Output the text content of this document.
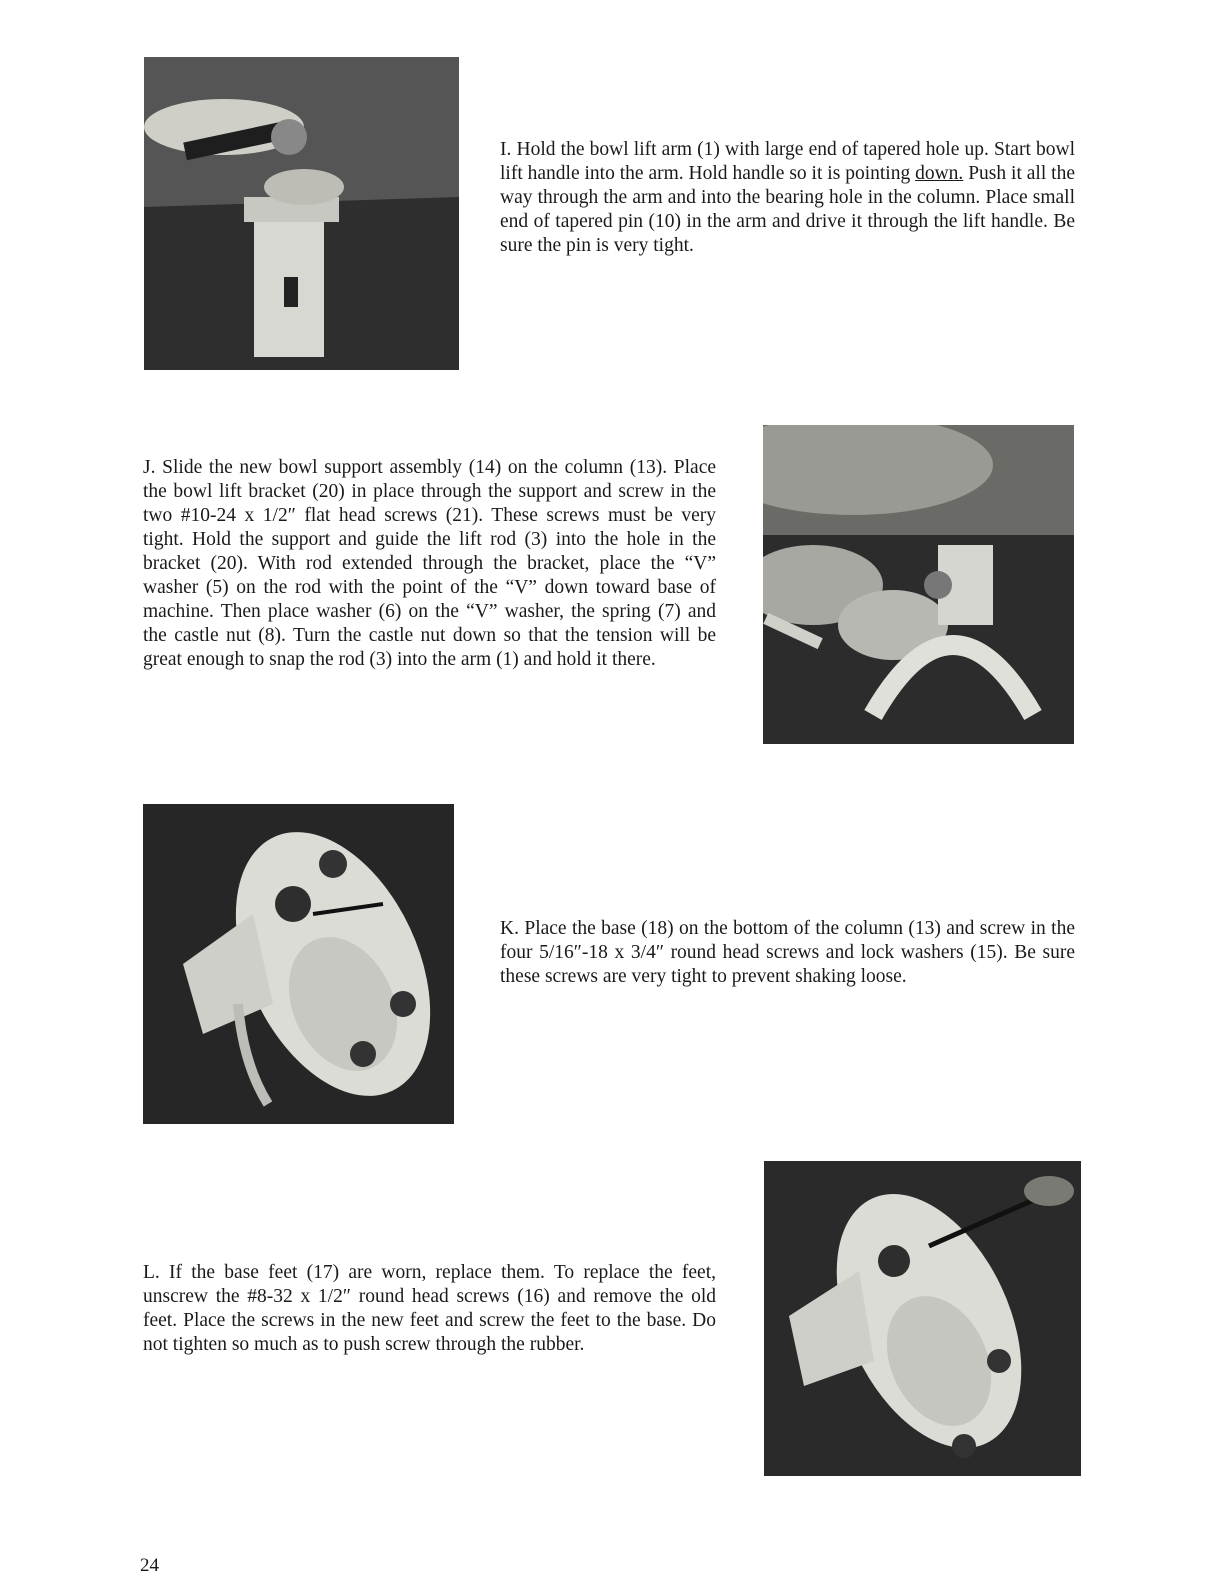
I. Hold the bowl lift arm (1) with large end of tapered hole up. Start bowl lift handle into the arm. Hold handle so it is pointing down. Push it all the way through the arm and into the bearing hole in the column. Place small end of tapered pin (10) in the arm and drive it through the lift handle. Be sure the pin is very tight.

J. Slide the new bowl support assembly (14) on the column (13). Place the bowl lift bracket (20) in place through the support and screw in the two #10-24 x 1/2″ flat head screws (21). These screws must be very tight. Hold the support and guide the lift rod (3) into the hole in the bracket (20). With rod extended through the bracket, place the “V” washer (5) on the rod with the point of the “V” down toward base of machine. Then place washer (6) on the “V” washer, the spring (7) and the castle nut (8). Turn the castle nut down so that the tension will be great enough to snap the rod (3) into the arm (1) and hold it there.

K. Place the base (18) on the bottom of the column (13) and screw in the four 5/16″-18 x 3/4″ round head screws and lock washers (15). Be sure these screws are very tight to prevent shaking loose.

L. If the base feet (17) are worn, replace them. To replace the feet, unscrew the #8-32 x 1/2″ round head screws (16) and remove the old feet. Place the screws in the new feet and screw the feet to the base. Do not tighten so much as to push screw through the rubber.

24
